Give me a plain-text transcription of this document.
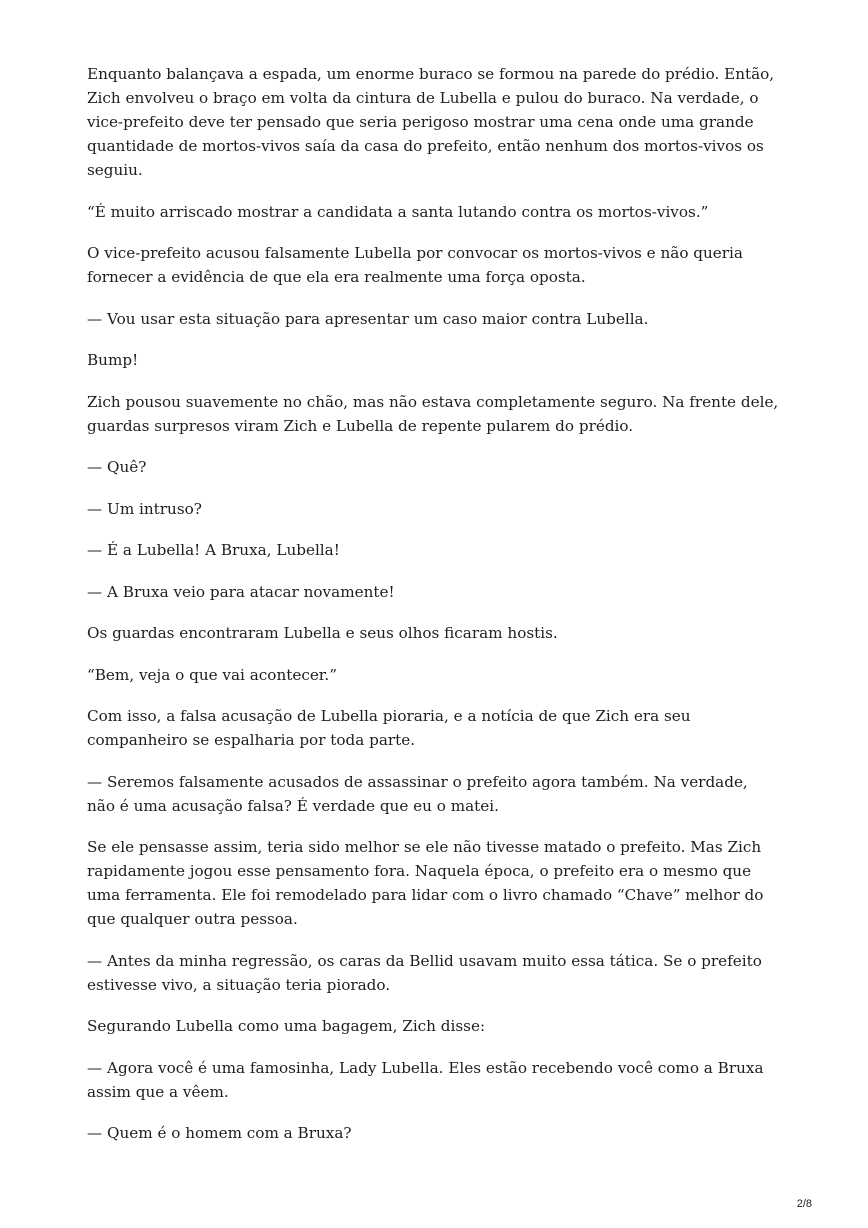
Enquanto balançava a espada, um enorme buraco se formou na parede do prédio. Então, Zich envolveu o braço em volta da cintura de Lubella e pulou do buraco. Na verdade, o vice-prefeito deve ter pensado que seria perigoso mostrar uma cena onde uma grande quantidade de mortos-vivos saía da casa do prefeito, então nenhum dos mortos-vivos os seguiu.

“É muito arriscado mostrar a candidata a santa lutando contra os mortos-vivos.”

O vice-prefeito acusou falsamente Lubella por convocar os mortos-vivos e não queria fornecer a evidência de que ela era realmente uma força oposta.

— Vou usar esta situação para apresentar um caso maior contra Lubella.

Bump!

Zich pousou suavemente no chão, mas não estava completamente seguro. Na frente dele, guardas surpresos viram Zich e Lubella de repente pularem do prédio.

— Quê?

— Um intruso?

— É a Lubella! A Bruxa, Lubella!

— A Bruxa veio para atacar novamente!

Os guardas encontraram Lubella e seus olhos ficaram hostis.

“Bem, veja o que vai acontecer.”

Com isso, a falsa acusação de Lubella pioraria, e a notícia de que Zich era seu companheiro se espalharia por toda parte.

— Seremos falsamente acusados de assassinar o prefeito agora também. Na verdade, não é uma acusação falsa? É verdade que eu o matei.

Se ele pensasse assim, teria sido melhor se ele não tivesse matado o prefeito. Mas Zich rapidamente jogou esse pensamento fora. Naquela época, o prefeito era o mesmo que uma ferramenta. Ele foi remodelado para lidar com o livro chamado “Chave” melhor do que qualquer outra pessoa.

— Antes da minha regressão, os caras da Bellid usavam muito essa tática. Se o prefeito estivesse vivo, a situação teria piorado.

Segurando Lubella como uma bagagem, Zich disse:

— Agora você é uma famosinha, Lady Lubella. Eles estão recebendo você como a Bruxa assim que a vêem.

— Quem é o homem com a Bruxa?

2/8
